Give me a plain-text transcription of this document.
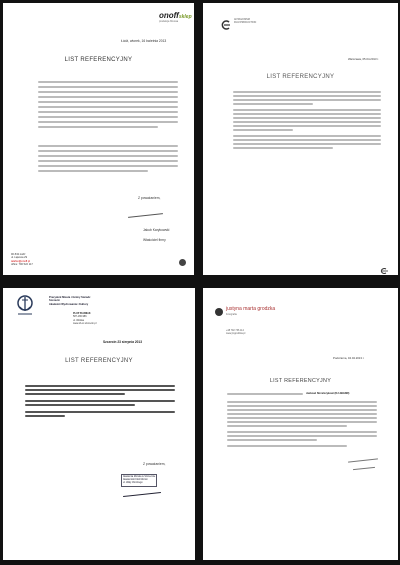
onoffsklep
produkcja filmowa
Łódź, wtorek, 16 kwietnia 2013
LIST REFERENCYJNY
Z poważaniem,
Jakub Karykowski
Właściciel firmy
90-532 Łódź
ul. Łąkowa 29
telefon@onoff.pl
office: 790 522 117
ANTAGONISM
FILM PRODUCTION
Warszawa, 05.04.2013 r.
LIST REFERENCYJNY
Prezydent Miasta i Gminy Sieradz
Szczecin
Akademii Wychowania i Kultury
PLUP BUJNIAK
587-186-986
ul. Wolska
www.ob-sr.szczecin.pl
Szczecin 23 sierpnia 2013
LIST REFERENCYJNY
Z poważaniem,
Akademia Morska w Szczecinie
Akademicki Klub Morski
ul. Wały Chrobrego
justyna marta grodzka
Fotografia
+48 792 736 114
www.jmgrodzka.pl
Podczarna, 04.04.2013 r.
LIST REFERENCYJNY
Jackowi Strzelczykowi (DJ dBAND)
